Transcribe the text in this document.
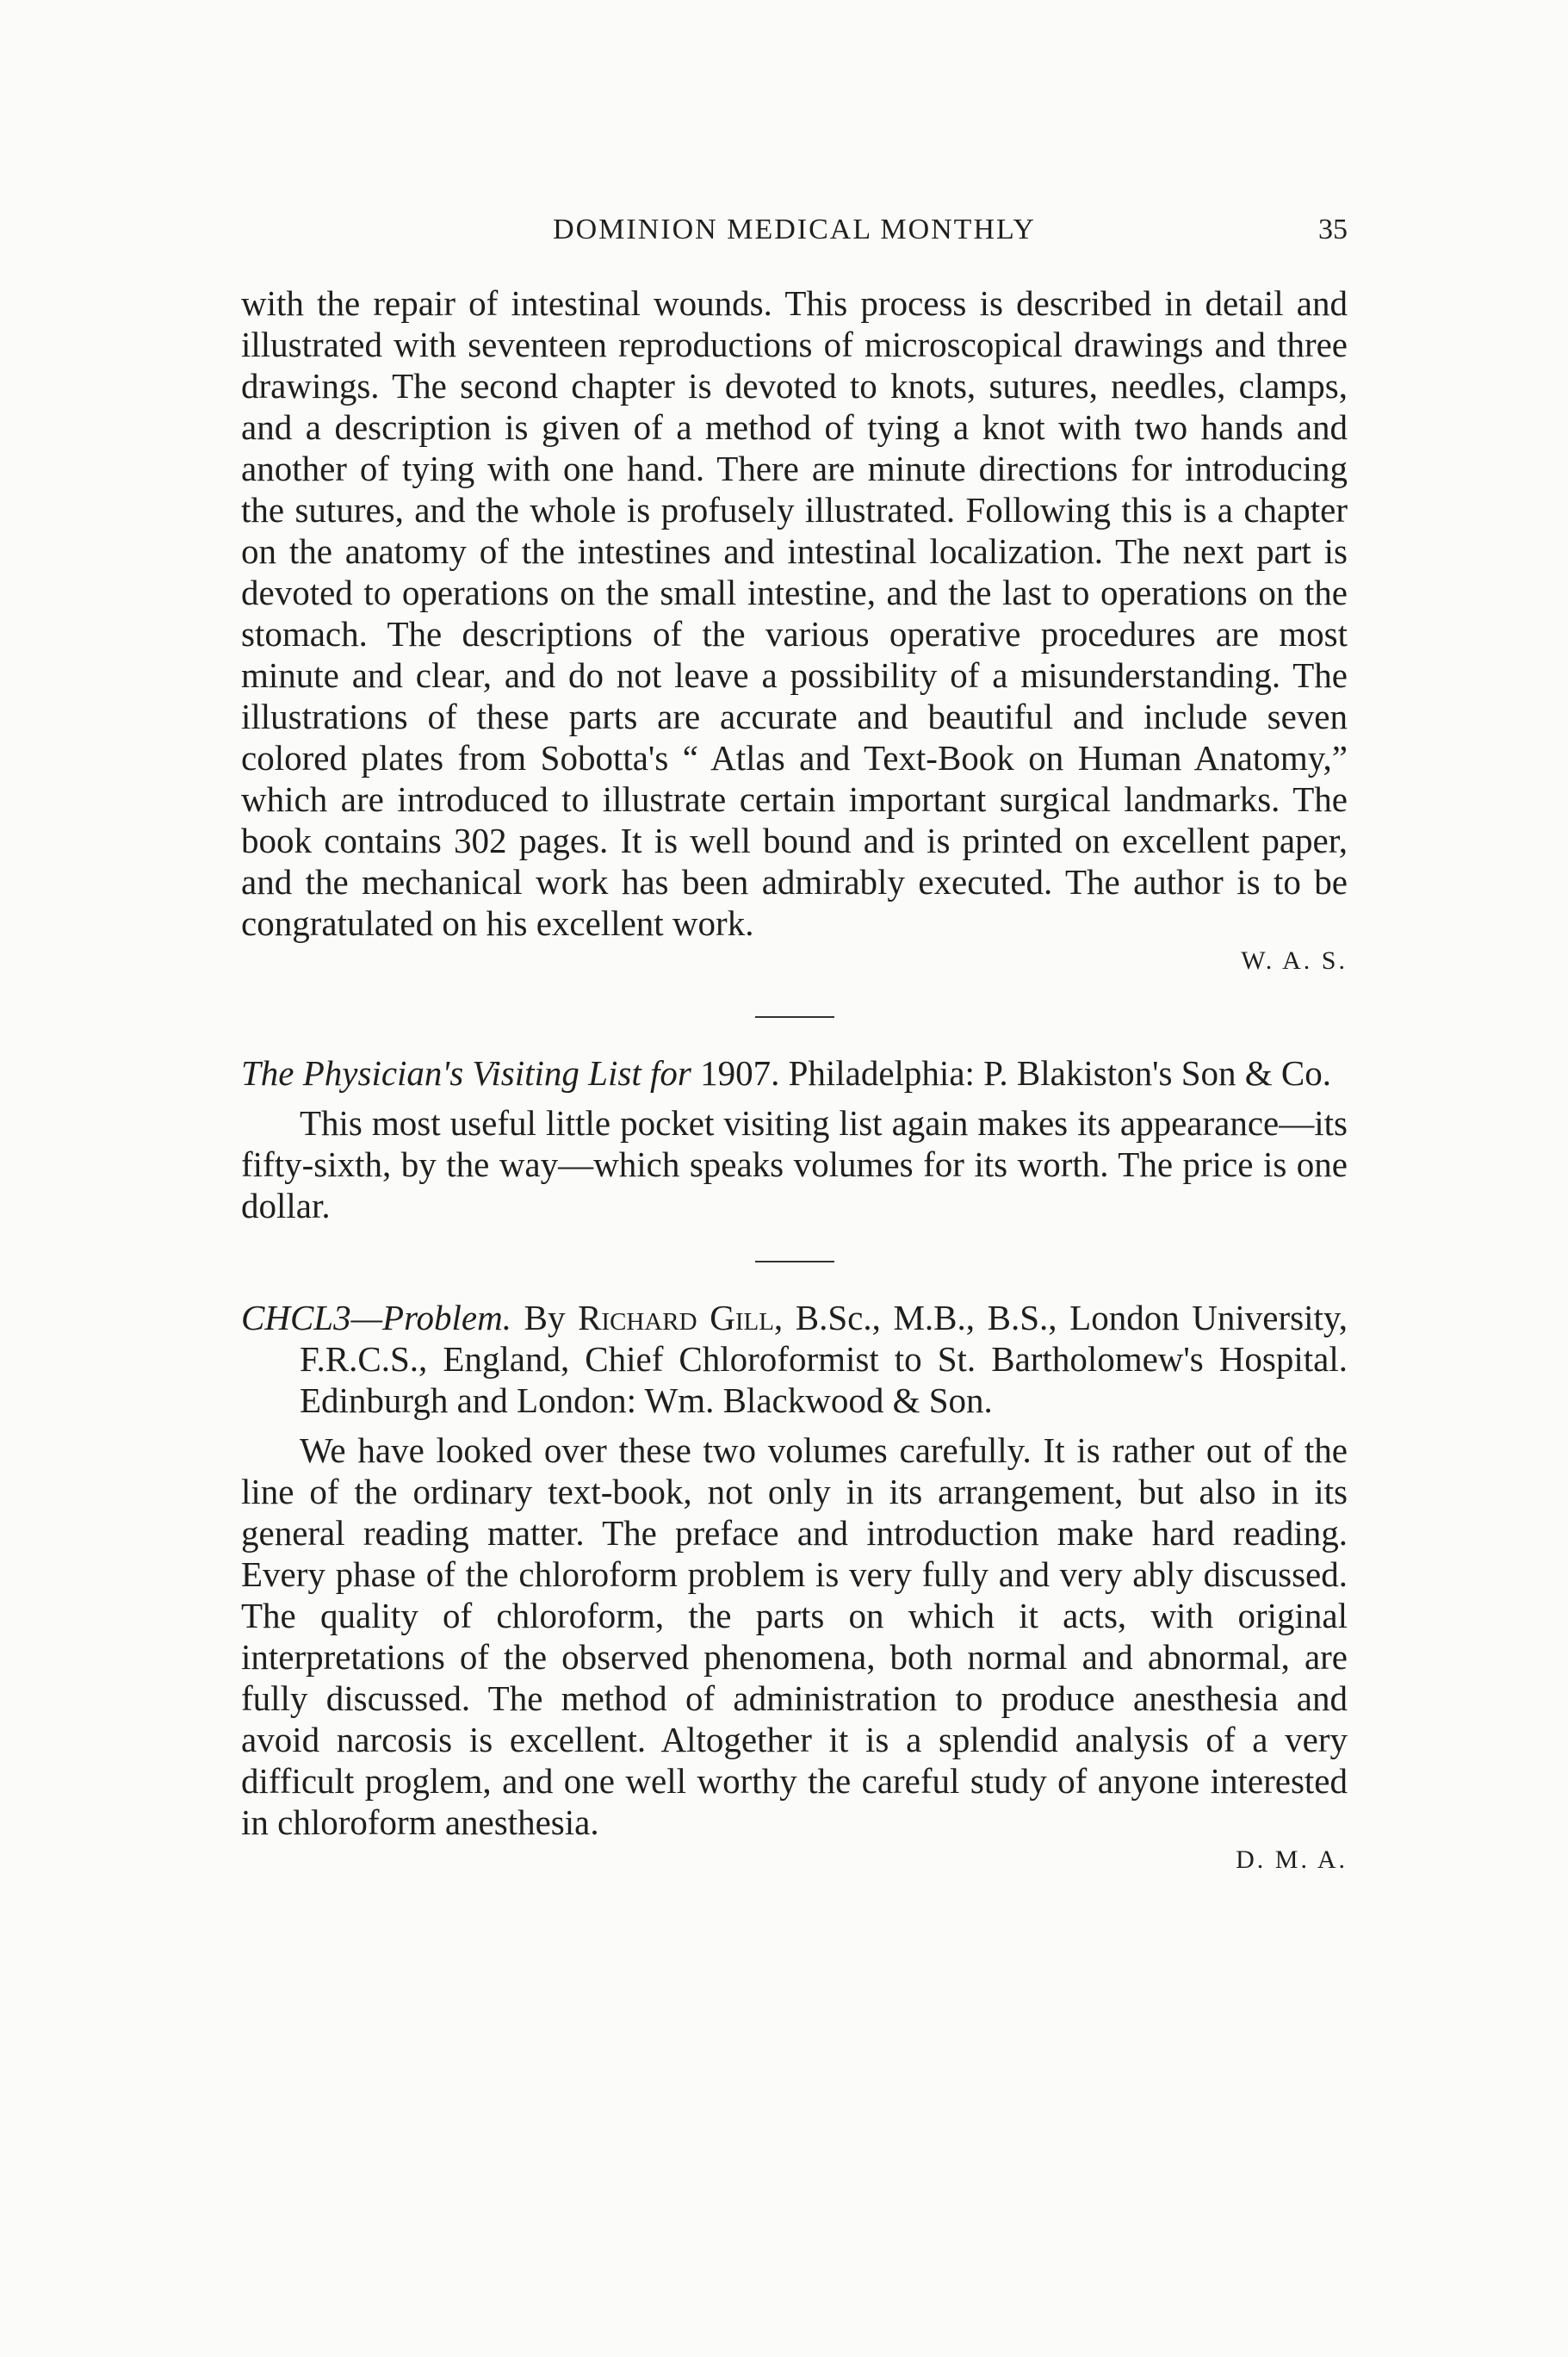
DOMINION MEDICAL MONTHLY	35

with the repair of intestinal wounds. This process is described in detail and illustrated with seventeen reproductions of microscopical drawings and three drawings. The second chapter is devoted to knots, sutures, needles, clamps, and a description is given of a method of tying a knot with two hands and another of tying with one hand. There are minute directions for introducing the sutures, and the whole is profusely illustrated. Following this is a chapter on the anatomy of the intestines and intestinal localization. The next part is devoted to operations on the small intestine, and the last to operations on the stomach. The descriptions of the various operative procedures are most minute and clear, and do not leave a possibility of a misunderstanding. The illustrations of these parts are accurate and beautiful and include seven colored plates from Sobotta's “ Atlas and Text-Book on Human Anatomy,” which are introduced to illustrate certain important surgical landmarks. The book contains 302 pages. It is well bound and is printed on excellent paper, and the mechanical work has been admirably executed. The author is to be congratulated on his excellent work.

W. A. S.

The Physician's Visiting List for 1907. Philadelphia: P. Blakiston's Son & Co.

This most useful little pocket visiting list again makes its appearance—its fifty-sixth, by the way—which speaks volumes for its worth. The price is one dollar.

CHCL3—Problem. By Richard Gill, B.Sc., M.B., B.S., London University, F.R.C.S., England, Chief Chloroformist to St. Bartholomew's Hospital. Edinburgh and London: Wm. Blackwood & Son.

We have looked over these two volumes carefully. It is rather out of the line of the ordinary text-book, not only in its arrangement, but also in its general reading matter. The preface and introduction make hard reading. Every phase of the chloroform problem is very fully and very ably discussed. The quality of chloroform, the parts on which it acts, with original interpretations of the observed phenomena, both normal and abnormal, are fully discussed. The method of administration to produce anesthesia and avoid narcosis is excellent. Altogether it is a splendid analysis of a very difficult proglem, and one well worthy the careful study of anyone interested in chloroform anesthesia.

D. M. A.
